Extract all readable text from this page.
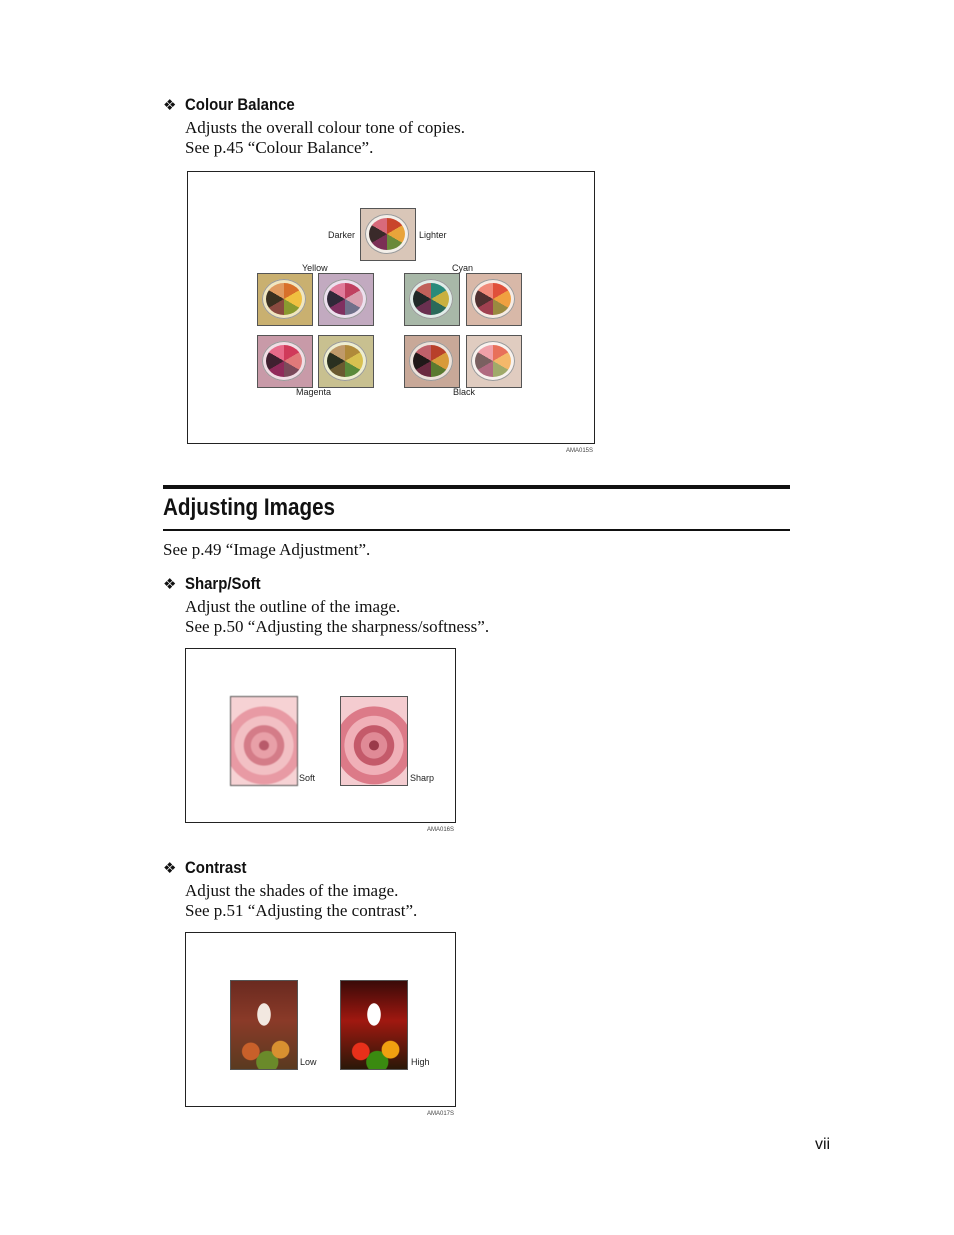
❖ Colour Balance
Adjusts the overall colour tone of copies.
See p.45 “Colour Balance”.
Darker	Lighter
Yellow	Cyan
Magenta	Black
AMA015S
Adjusting Images
See p.49 “Image Adjustment”.
❖ Sharp/Soft
Adjust the outline of the image.
See p.50 “Adjusting the sharpness/softness”.
Soft	Sharp
AMA016S
❖ Contrast
Adjust the shades of the image.
See p.51 “Adjusting the contrast”.
Low	High
AMA017S
vii
